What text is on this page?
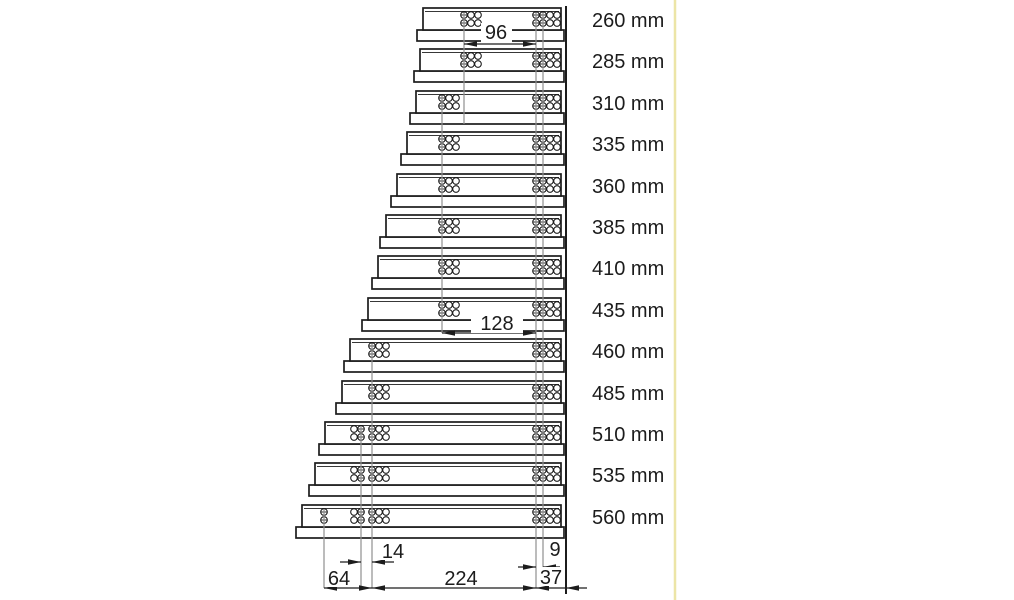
260 mm
285 mm
310 mm
335 mm
360 mm
385 mm
410 mm
435 mm
460 mm
485 mm
510 mm
535 mm
560 mm
96
128
14
64	224	37
9
